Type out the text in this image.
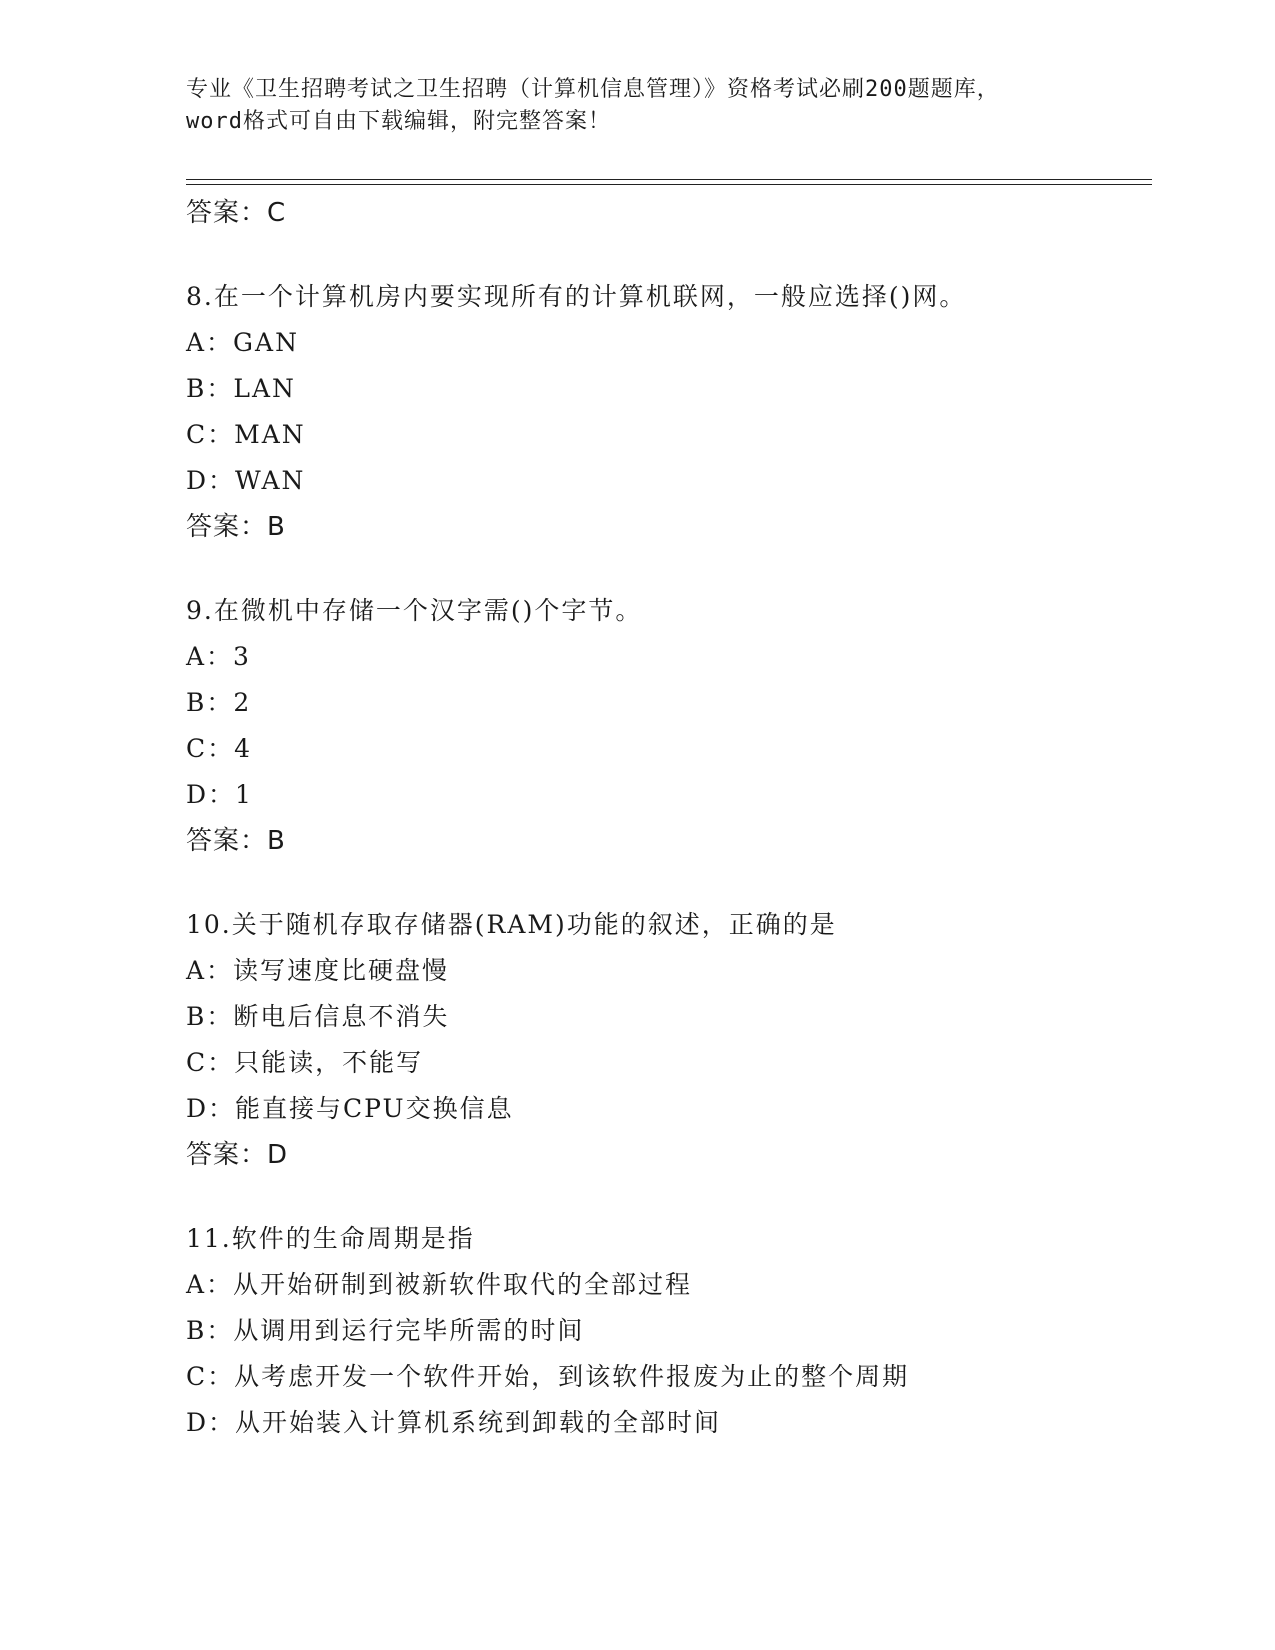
专业《卫生招聘考试之卫生招聘（计算机信息管理）》资格考试必刷200题题库，
word格式可自由下载编辑，附完整答案！
答案：C
8.在一个计算机房内要实现所有的计算机联网，一般应选择()网。
A：GAN
B：LAN
C：MAN
D：WAN
答案：B
9.在微机中存储一个汉字需()个字节。
A：3
B：2
C：4
D：1
答案：B
10.关于随机存取存储器(RAM)功能的叙述，正确的是
A：读写速度比硬盘慢
B：断电后信息不消失
C：只能读，不能写
D：能直接与CPU交换信息
答案：D
11.软件的生命周期是指
A：从开始研制到被新软件取代的全部过程
B：从调用到运行完毕所需的时间
C：从考虑开发一个软件开始，到该软件报废为止的整个周期
D：从开始装入计算机系统到卸载的全部时间
